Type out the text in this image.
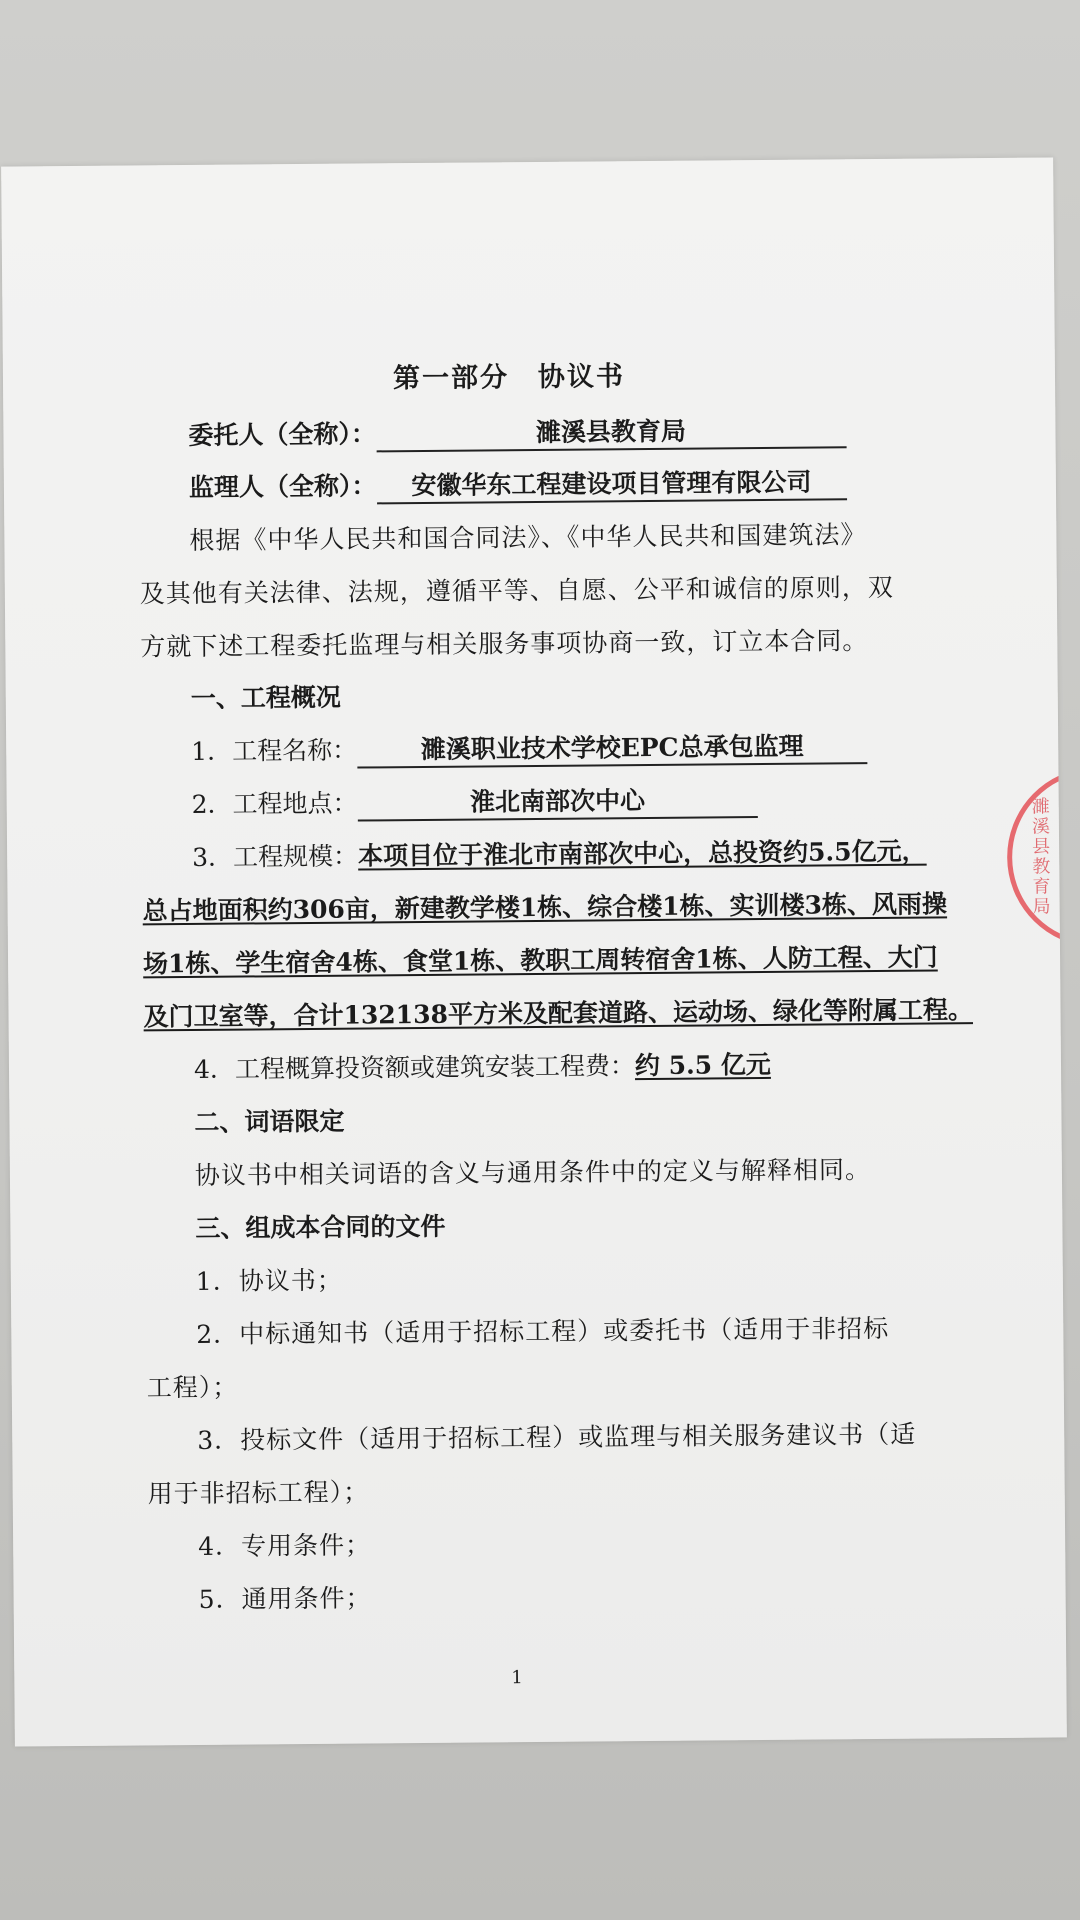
濉溪县教育局
第一部分　协议书
委托人（全称）：	濉溪县教育局
监理人（全称）： 安徽华东工程建设项目管理有限公司
根据《中华人民共和国合同法》、《中华人民共和国建筑法》
及其他有关法律、法规，遵循平等、自愿、公平和诚信的原则，双
方就下述工程委托监理与相关服务事项协商一致，订立本合同。
一、工程概况
1．工程名称：	濉溪职业技术学校EPC总承包监理
2．工程地点：	淮北南部次中心
3．工程规模：本项目位于淮北市南部次中心，总投资约5.5亿元，
总占地面积约306亩，新建教学楼1栋、综合楼1栋、实训楼3栋、风雨操
场1栋、学生宿舍4栋、食堂1栋、教职工周转宿舍1栋、人防工程、大门
及门卫室等，合计132138平方米及配套道路、运动场、绿化等附属工程。
4．工程概算投资额或建筑安装工程费：约 5.5 亿元
二、词语限定
协议书中相关词语的含义与通用条件中的定义与解释相同。
三、组成本合同的文件
1．协议书；
2．中标通知书（适用于招标工程）或委托书（适用于非招标
工程）；
3．投标文件（适用于招标工程）或监理与相关服务建议书（适
用于非招标工程）；
4．专用条件；
5．通用条件；
1
